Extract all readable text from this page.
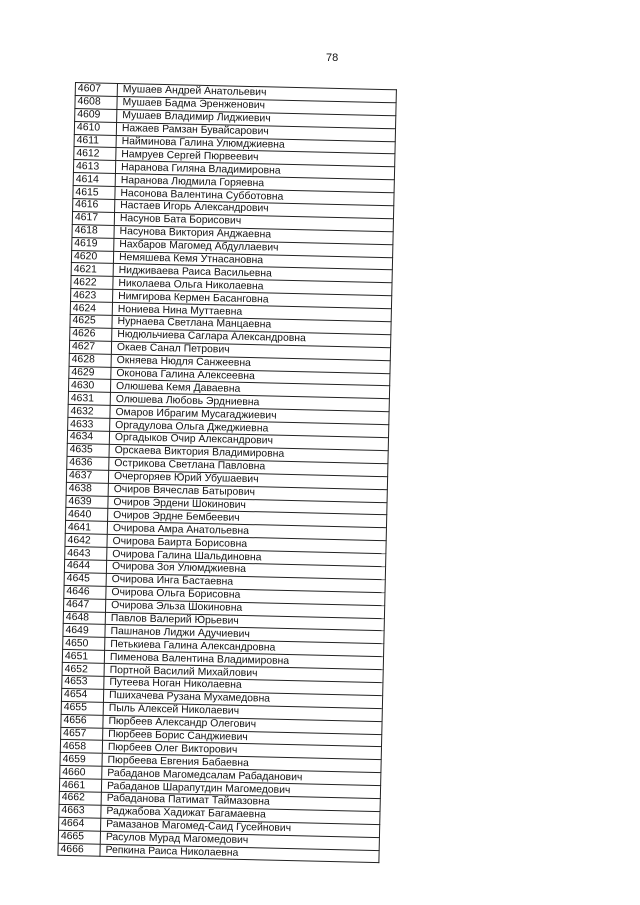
78
4607	Мушаев Андрей Анатольевич
4608	Мушаев Бадма Эренженович
4609	Мушаев Владимир Лиджиевич
4610	Нажаев Рамзан Бувайсарович
4611	Найминова Галина Улюмджиевна
4612	Намруев Сергей Пюрвеевич
4613	Наранова Гиляна Владимировна
4614	Наранова Людмила Горяевна
4615	Насонова Валентина Субботовна
4616	Настаев Игорь Александрович
4617	Насунов Бата Борисович
4618	Насунова Виктория Анджаевна
4619	Нахбаров Магомед Абдуллаевич
4620	Немяшева Кемя Утнасановна
4621	Нидживаева Раиса Васильевна
4622	Николаева Ольга Николаевна
4623	Нимгирова Кермен Басанговна
4624	Нониева Нина Муттаевна
4625	Нурнаева Светлана Манцаевна
4626	Нюдюльчиева Саглара Александровна
4627	Окаев Санал Петрович
4628	Окняева Нюдля Санжеевна
4629	Оконова Галина Алексеевна
4630	Олюшева Кемя Даваевна
4631	Олюшева Любовь Эрдниевна
4632	Омаров Ибрагим Мусагаджиевич
4633	Оргадулова Ольга Джеджиевна
4634	Оргадыков Очир Александрович
4635	Орскаева Виктория Владимировна
4636	Остриковa Светлана Павловна
4637	Очергоряев Юрий Убушаевич
4638	Очиров Вячеслав Батырович
4639	Очиров Эрдени Шокинович
4640	Очиров Эрдне Бембеевич
4641	Очирова Амра Анатольевна
4642	Очирова Баирта Борисовна
4643	Очирова Галина Шальдиновна
4644	Очирова Зоя Улюмджиевна
4645	Очирова Инга Бастаевна
4646	Очирова Ольга Борисовна
4647	Очирова Эльза Шокиновна
4648	Павлов Валерий Юрьевич
4649	Пашнанов Лиджи Адучиевич
4650	Петькиева Галина Александровна
4651	Пименова Валентина Владимировна
4652	Портной Василий Михайлович
4653	Путеева Ноган Николаевна
4654	Пшихачева Рузана Мухамедовна
4655	Пыль Алексей Николаевич
4656	Пюрбеев Александр Олегович
4657	Пюрбеев Борис Санджиевич
4658	Пюрбеев Олег Викторович
4659	Пюрбеева Евгения Бабаевна
4660	Рабаданов Магомедсалам Рабаданович
4661	Рабаданов Шарапутдин Магомедович
4662	Рабаданова Патимат Таймазовна
4663	Раджабова Хадижат Багамаевна
4664	Рамазанов Магомед-Саид Гусейнович
4665	Расулов Мурад Магомедович
4666	Репкина Раиса Николаевна
